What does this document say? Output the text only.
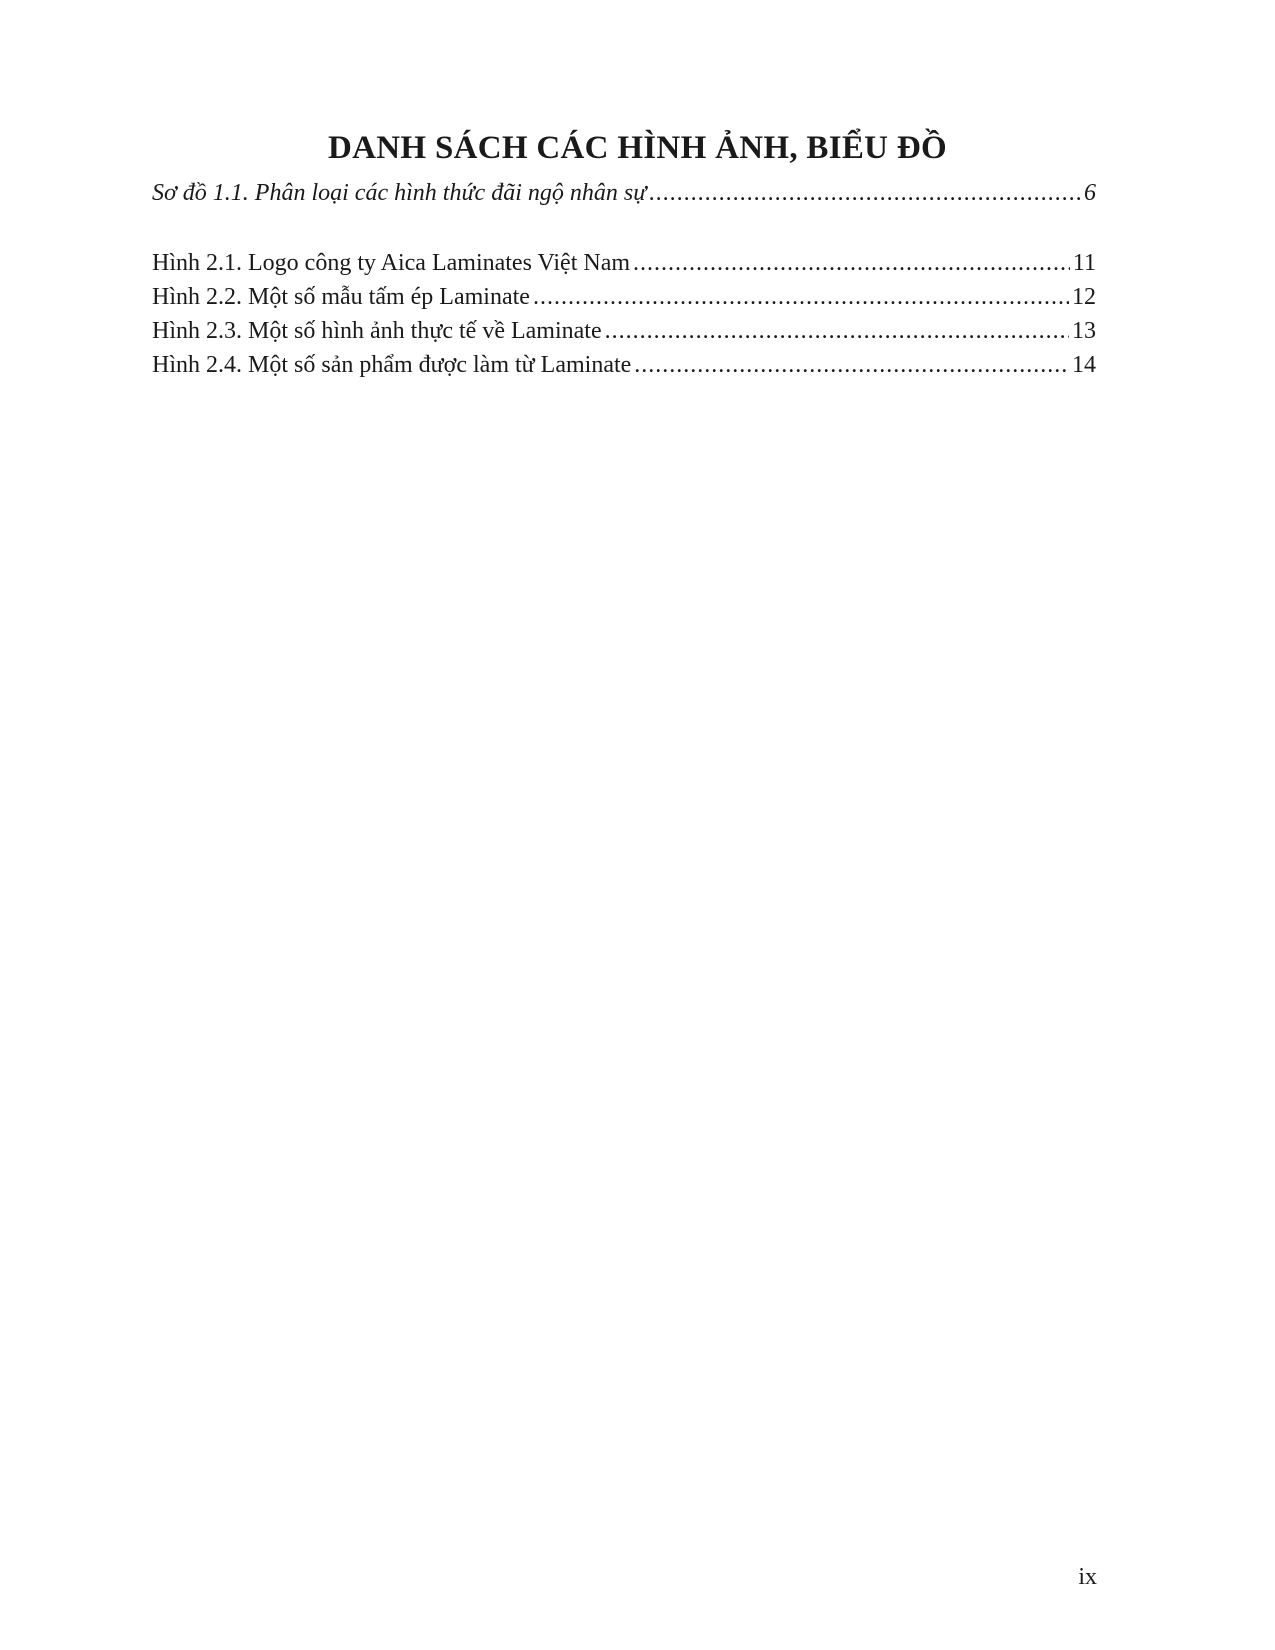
DANH SÁCH CÁC HÌNH ẢNH, BIỂU ĐỒ
Sơ đồ 1.1. Phân loại các hình thức đãi ngộ nhân sự .....	6
Hình 2.1. Logo công ty Aica Laminates Việt Nam .....	11
Hình 2.2. Một số mẫu tấm ép Laminate .....	12
Hình 2.3. Một số hình ảnh thực tế về Laminate .....	13
Hình 2.4. Một số sản phẩm được làm từ Laminate .....	14
ix
